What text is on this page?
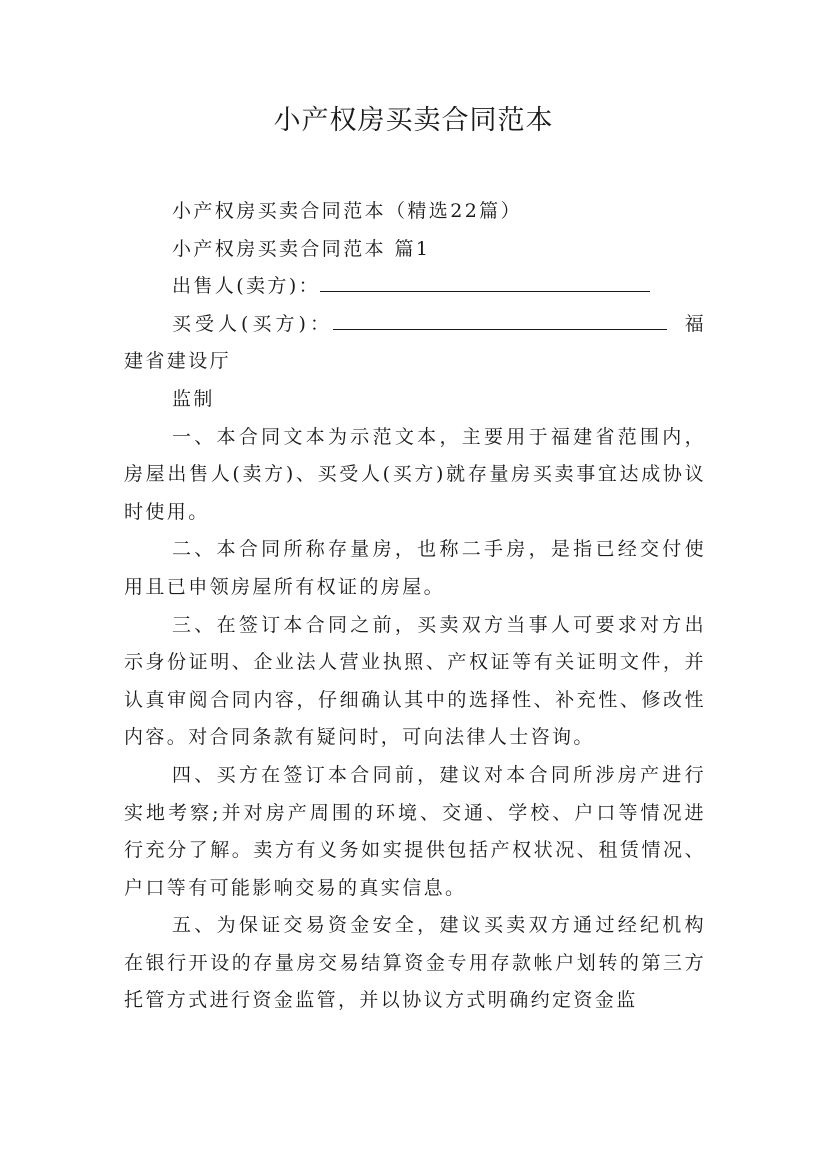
小产权房买卖合同范本

小产权房买卖合同范本（精选22篇）

小产权房买卖合同范本 篇1

出售人(卖方)：

买受人(买方)：	福建省建设厅

监制

一、本合同文本为示范文本，主要用于福建省范围内，房屋出售人(卖方)、买受人(买方)就存量房买卖事宜达成协议时使用。

二、本合同所称存量房，也称二手房，是指已经交付使用且已申领房屋所有权证的房屋。

三、在签订本合同之前，买卖双方当事人可要求对方出示身份证明、企业法人营业执照、产权证等有关证明文件，并认真审阅合同内容，仔细确认其中的选择性、补充性、修改性内容。对合同条款有疑问时，可向法律人士咨询。

四、买方在签订本合同前，建议对本合同所涉房产进行实地考察;并对房产周围的环境、交通、学校、户口等情况进行充分了解。卖方有义务如实提供包括产权状况、租赁情况、户口等有可能影响交易的真实信息。

五、为保证交易资金安全，建议买卖双方通过经纪机构在银行开设的存量房交易结算资金专用存款帐户划转的第三方托管方式进行资金监管，并以协议方式明确约定资金监
